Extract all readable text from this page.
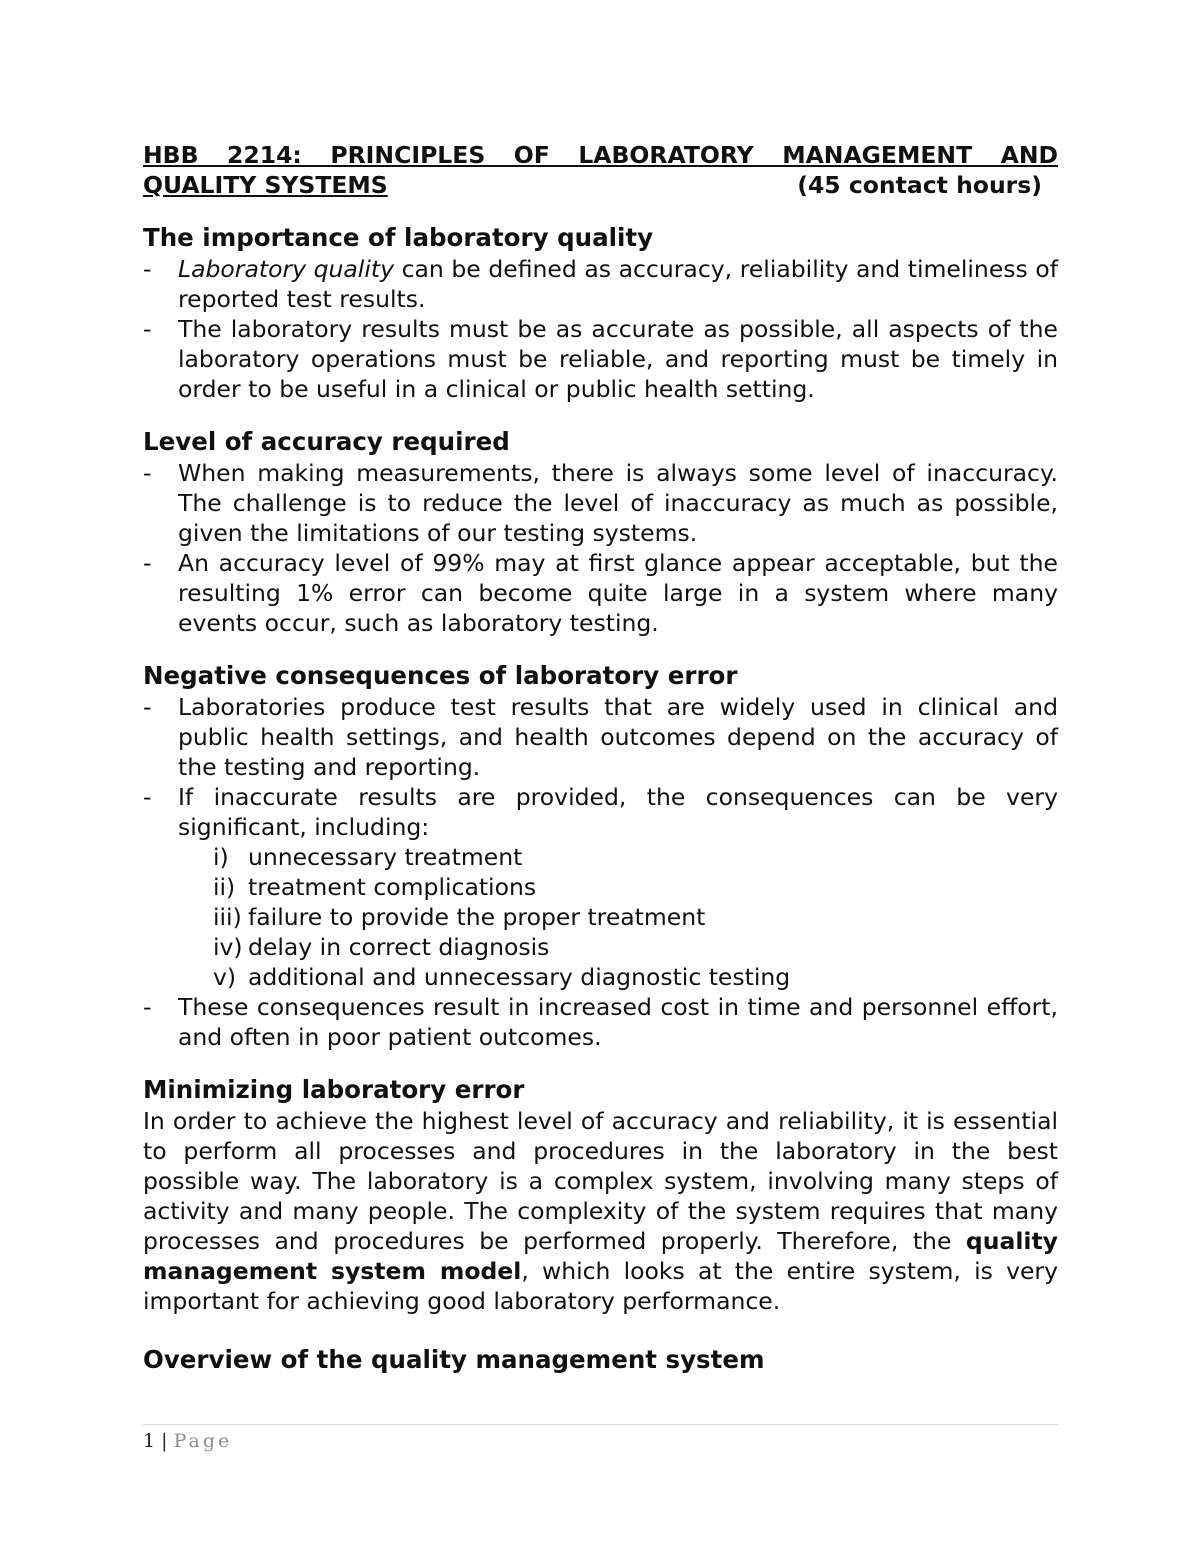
HBB 2214: PRINCIPLES OF LABORATORY MANAGEMENT AND

QUALITY SYSTEMS	(45 contact hours)

The importance of laboratory quality
- Laboratory quality can be defined as accuracy, reliability and timeliness of reported test results.
- The laboratory results must be as accurate as possible, all aspects of the laboratory operations must be reliable, and reporting must be timely in order to be useful in a clinical or public health setting.
Level of accuracy required
- When making measurements, there is always some level of inaccuracy. The challenge is to reduce the level of inaccuracy as much as possible, given the limitations of our testing systems.
- An accuracy level of 99% may at first glance appear acceptable, but the resulting 1% error can become quite large in a system where many events occur, such as laboratory testing.
Negative consequences of laboratory error
- Laboratories produce test results that are widely used in clinical and public health settings, and health outcomes depend on the accuracy of the testing and reporting.
- If inaccurate results are provided, the consequences can be very significant, including:
i) unnecessary treatment
ii) treatment complications
iii) failure to provide the proper treatment
iv) delay in correct diagnosis
v) additional and unnecessary diagnostic testing
- These consequences result in increased cost in time and personnel effort, and often in poor patient outcomes.
Minimizing laboratory error

In order to achieve the highest level of accuracy and reliability, it is essential to perform all processes and procedures in the laboratory in the best possible way. The laboratory is a complex system, involving many steps of activity and many people. The complexity of the system requires that many processes and procedures be performed properly. Therefore, the quality management system model, which looks at the entire system, is very important for achieving good laboratory performance.

Overview of the quality management system
1 | Page
